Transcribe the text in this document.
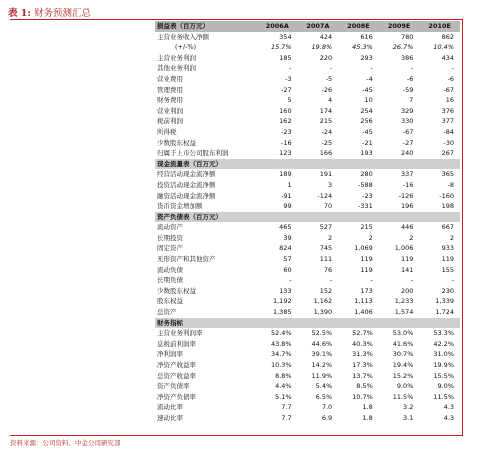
表 1: 财务预测汇总
损益表（百万元）	2006A	2007A	2008E	2009E	2010E
主营业务收入净额	354	424	616	780	862
(+/-%)	15.7%	19.8%	45.3%	26.7%	10.4%
主营业务利润	185	220	293	386	434
其他业务利润	-	-	-	-	-
营业费用	-3	-5	-4	-6	-6
管理费用	-27	-26	-45	-59	-67
财务费用	5	4	10	7	16
营业利润	160	174	254	329	376
税前利润	162	215	256	330	377
所得税	-23	-24	-45	-67	-84
少数股东权益	-16	-25	-21	-27	-30
归属于上市公司股东利润	123	166	193	240	267
现金流量表（百万元）					
经营活动现金流净额	189	191	280	337	365
投资活动现金流净额	1	3	-588	-16	-8
融资活动现金流净额	-91	-124	-23	-126	-160
货币资金增加额	99	70	-331	196	198
资产负债表（百万元）					
流动资产	465	527	215	446	667
长期投资	39	2	2	2	2
固定资产	824	745	1,069	1,006	933
无形资产和其他资产	57	111	119	119	119
流动负债	60	76	119	141	155
长期负债	-	-	-	-	-
少数股东权益	133	152	173	200	230
股东权益	1,192	1,162	1,113	1,233	1,339
总资产	1,385	1,390	1,406	1,574	1,724
财务指标					
主营业务利润率	52.4%	52.5%	52.7%	53.0%	53.3%
息税前利润率	43.8%	44.6%	40.3%	41.6%	42.2%
净利润率	34.7%	39.1%	31.3%	30.7%	31.0%
净资产收益率	10.3%	14.2%	17.3%	19.4%	19.9%
总资产收益率	8.8%	11.9%	13.7%	15.2%	15.5%
资产负债率	4.4%	5.4%	8.5%	9.0%	9.0%
净资产负债率	5.1%	6.5%	10.7%	11.5%	11.5%
流动比率	7.7	7.0	1.8	3.2	4.3
速动比率	7.7	6.9	1.8	3.1	4.3
资料来源：公司资料、中金公司研究部
